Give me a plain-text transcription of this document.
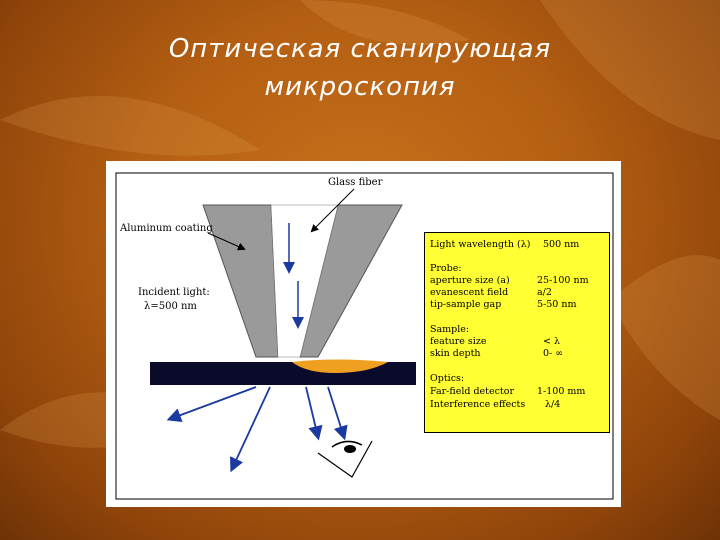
Оптическая сканирующая
микроскопия
Glass fiber
Aluminum coating
Incident light:
λ=500 nm
Light wavelength (λ) 500 nm
Probe:
aperture size (a)	25-100 nm
evanescent field	a/2
tip-sample gap	5-50 nm
Sample:
feature size	< λ
skin depth	0- ∞
Optics:
Far-field detector 1-100 mm
Interference effects λ/4
